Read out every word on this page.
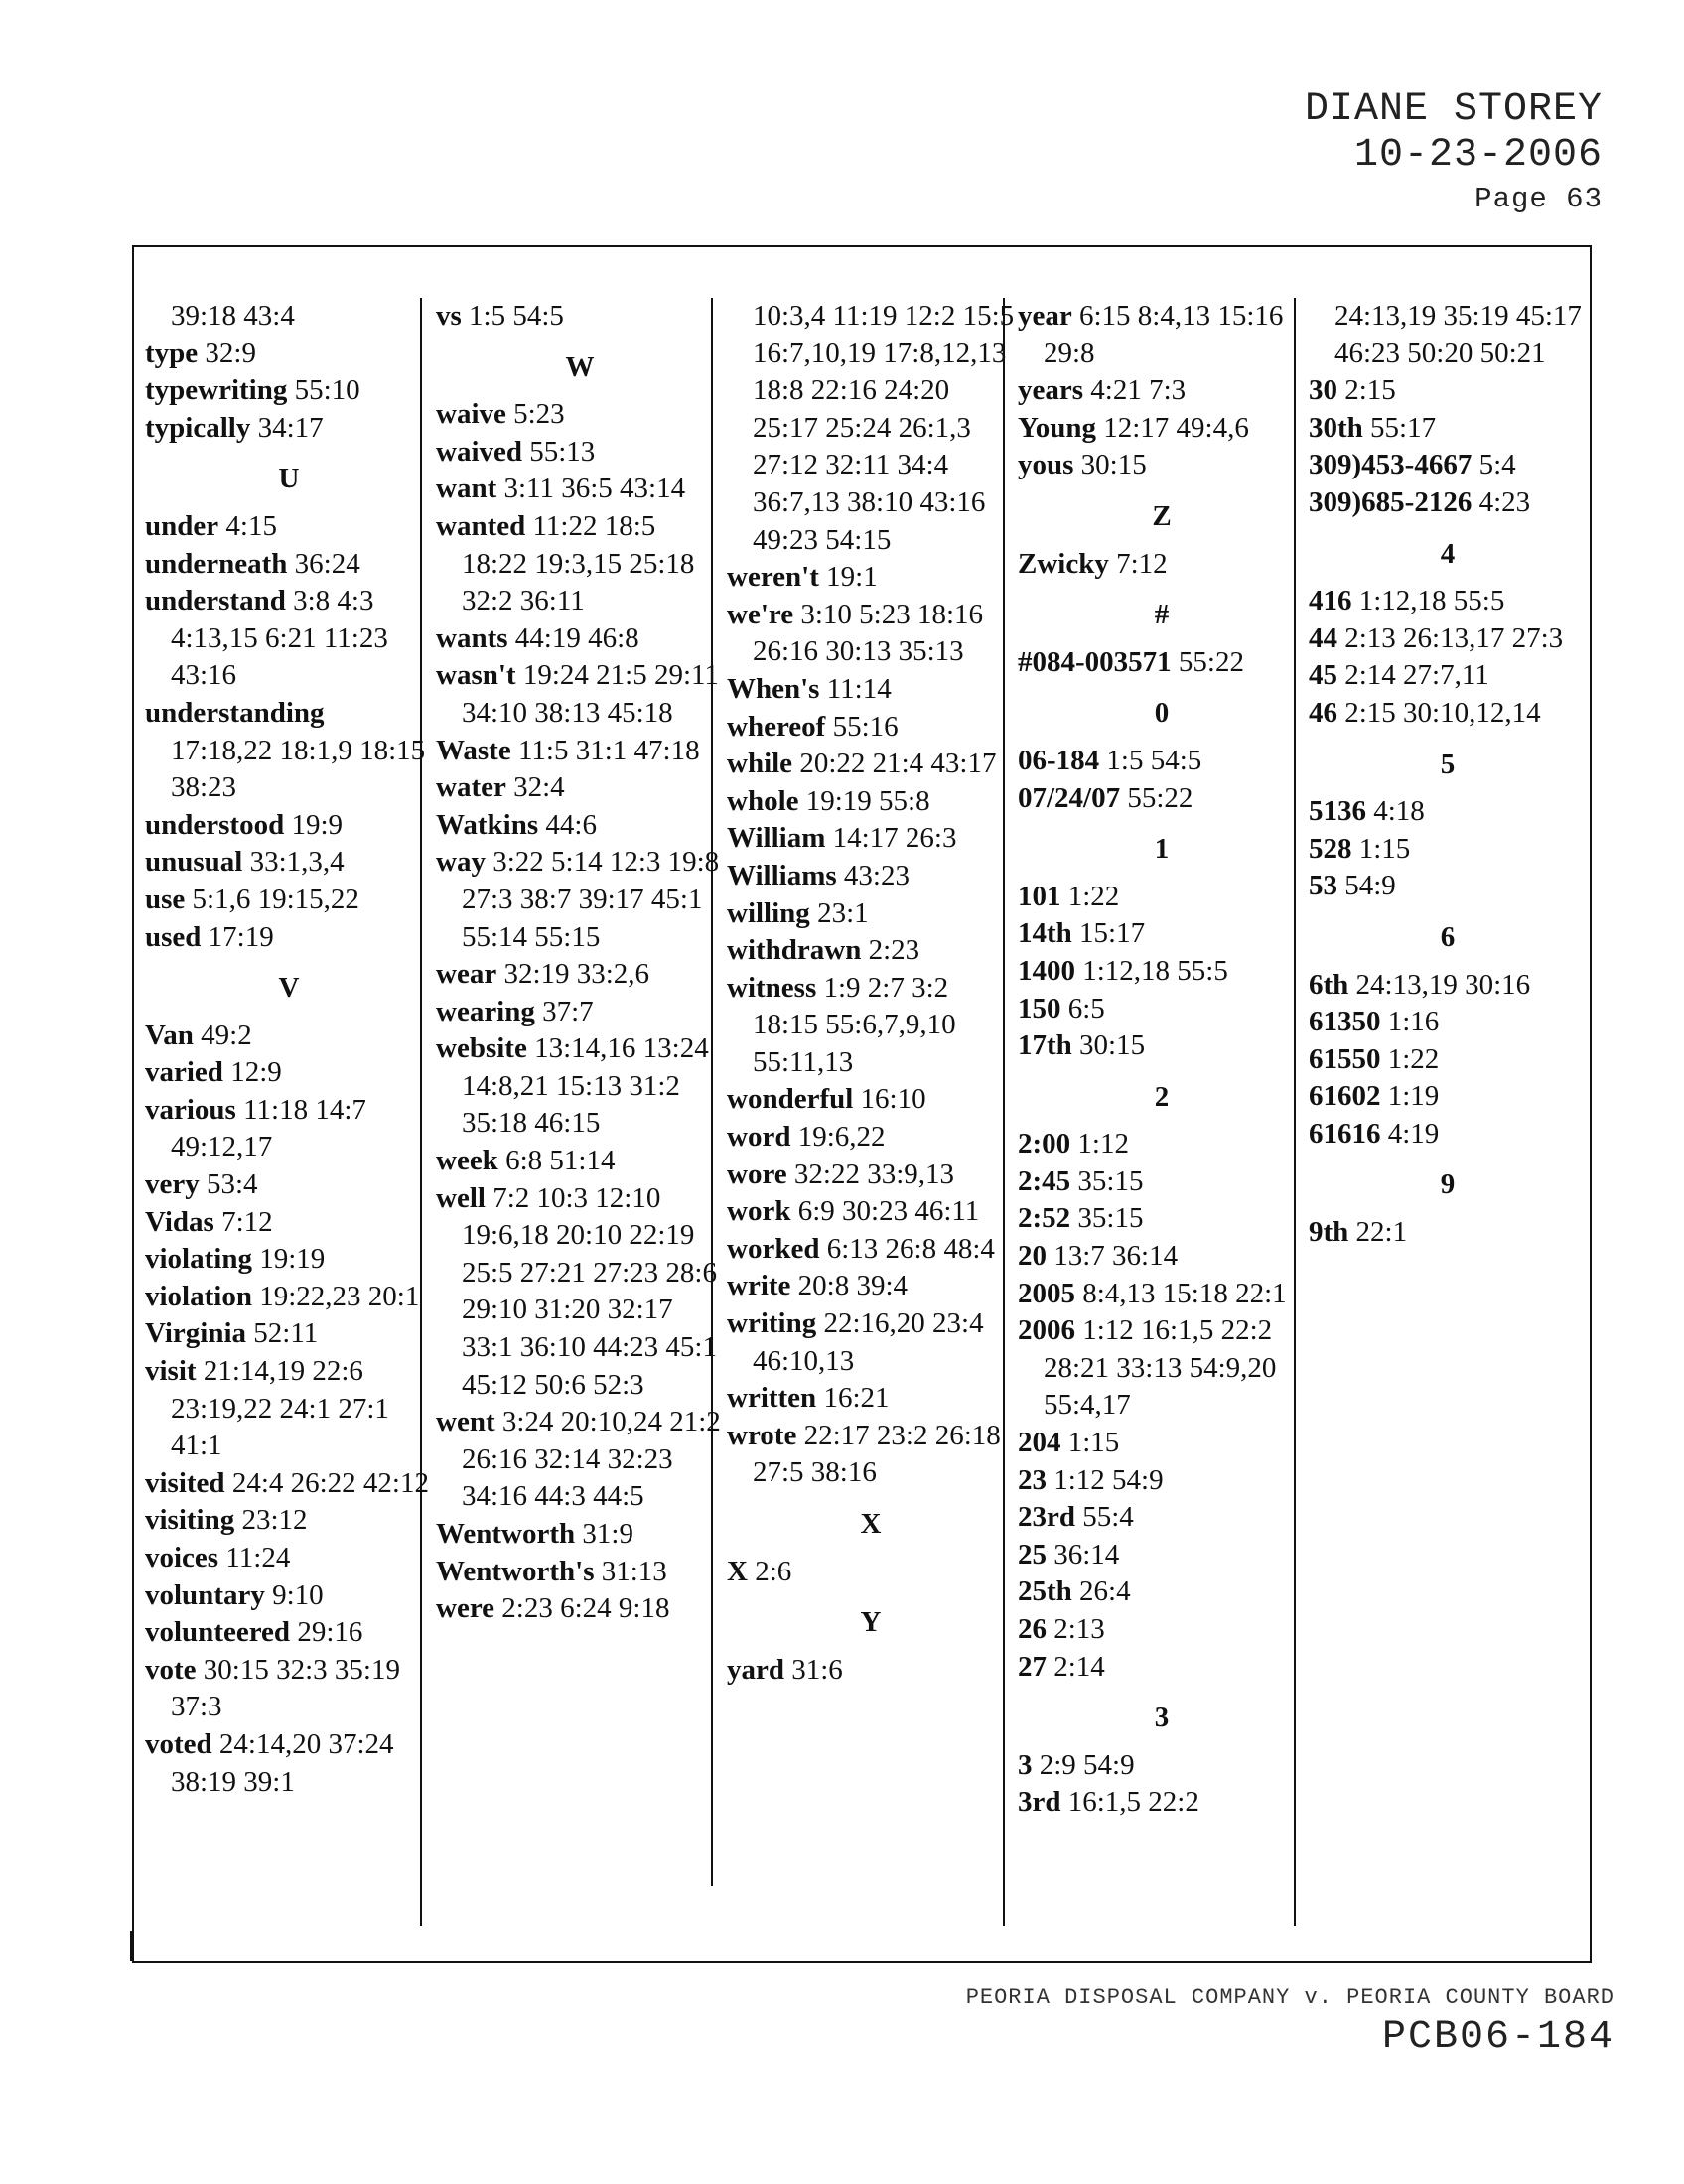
DIANE STOREY
10-23-2006
Page 63
39:18 43:4
type 32:9
typewriting 55:10
typically 34:17
U
under 4:15
underneath 36:24
understand 3:8 4:3 4:13,15 6:21 11:23 43:16
understanding 17:18,22 18:1,9 18:15 38:23
understood 19:9
unusual 33:1,3,4
use 5:1,6 19:15,22
used 17:19
V
Van 49:2
varied 12:9
various 11:18 14:7 49:12,17
very 53:4
Vidas 7:12
violating 19:19
violation 19:22,23 20:1
Virginia 52:11
visit 21:14,19 22:6 23:19,22 24:1 27:1 41:1
visited 24:4 26:22 42:12
visiting 23:12
voices 11:24
voluntary 9:10
volunteered 29:16
vote 30:15 32:3 35:19 37:3
voted 24:14,20 37:24 38:19 39:1
vs 1:5 54:5
W
waive 5:23
waived 55:13
want 3:11 36:5 43:14
wanted 11:22 18:5 18:22 19:3,15 25:18 32:2 36:11
wants 44:19 46:8
wasn't 19:24 21:5 29:11 34:10 38:13 45:18
Waste 11:5 31:1 47:18
water 32:4
Watkins 44:6
way 3:22 5:14 12:3 19:8 27:3 38:7 39:17 45:1 55:14 55:15
wear 32:19 33:2,6
wearing 37:7
website 13:14,16 13:24 14:8,21 15:13 31:2 35:18 46:15
week 6:8 51:14
well 7:2 10:3 12:10 19:6,18 20:10 22:19 25:5 27:21 27:23 28:6 29:10 31:20 32:17 33:1 36:10 44:23 45:1 45:12 50:6 52:3
went 3:24 20:10,24 21:2 26:16 32:14 32:23 34:16 44:3 44:5
Wentworth 31:9
Wentworth's 31:13
were 2:23 6:24 9:18
10:3,4 11:19 12:2 15:5 16:7,10,19 17:8,12,13 18:8 22:16 24:20 25:17 25:24 26:1,3 27:12 32:11 34:4 36:7,13 38:10 43:16 49:23 54:15
weren't 19:1
we're 3:10 5:23 18:16 26:16 30:13 35:13
When's 11:14
whereof 55:16
while 20:22 21:4 43:17
whole 19:19 55:8
William 14:17 26:3
Williams 43:23
willing 23:1
withdrawn 2:23
witness 1:9 2:7 3:2 18:15 55:6,7,9,10 55:11,13
wonderful 16:10
word 19:6,22
wore 32:22 33:9,13
work 6:9 30:23 46:11
worked 6:13 26:8 48:4
write 20:8 39:4
writing 22:16,20 23:4 46:10,13
written 16:21
wrote 22:17 23:2 26:18 27:5 38:16
X
X 2:6
Y
yard 31:6
year 6:15 8:4,13 15:16 29:8
years 4:21 7:3
Young 12:17 49:4,6
yous 30:15
Z
Zwicky 7:12
#
#084-003571 55:22
0
06-184 1:5 54:5
07/24/07 55:22
1
101 1:22
14th 15:17
1400 1:12,18 55:5
150 6:5
17th 30:15
2
2:00 1:12
2:45 35:15
2:52 35:15
20 13:7 36:14
2005 8:4,13 15:18 22:1
2006 1:12 16:1,5 22:2 28:21 33:13 54:9,20 55:4,17
204 1:15
23 1:12 54:9
23rd 55:4
25 36:14
25th 26:4
26 2:13
27 2:14
3
3 2:9 54:9
3rd 16:1,5 22:2
24:13,19 35:19 45:17 46:23 50:20 50:21
30 2:15
30th 55:17
309)453-4667 5:4
309)685-2126 4:23
4
416 1:12,18 55:5
44 2:13 26:13,17 27:3
45 2:14 27:7,11
46 2:15 30:10,12,14
5
5136 4:18
528 1:15
53 54:9
6
6th 24:13,19 30:16
61350 1:16
61550 1:22
61602 1:19
61616 4:19
9
9th 22:1
PEORIA DISPOSAL COMPANY v. PEORIA COUNTY BOARD
PCB06-184
